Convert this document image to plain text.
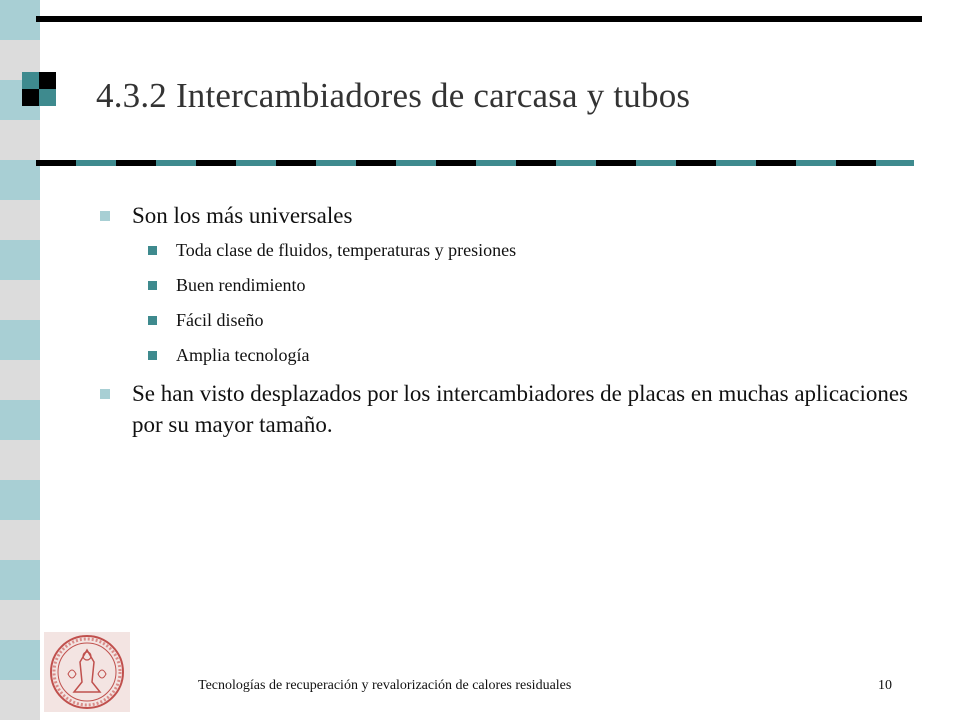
4.3.2 Intercambiadores de carcasa y tubos
Son los más universales
Toda clase de fluidos, temperaturas y presiones
Buen rendimiento
Fácil diseño
Amplia tecnología
Se han visto desplazados por los intercambiadores de placas en muchas aplicaciones por su mayor tamaño.
Tecnologías de recuperación y revalorización de calores residuales	10
